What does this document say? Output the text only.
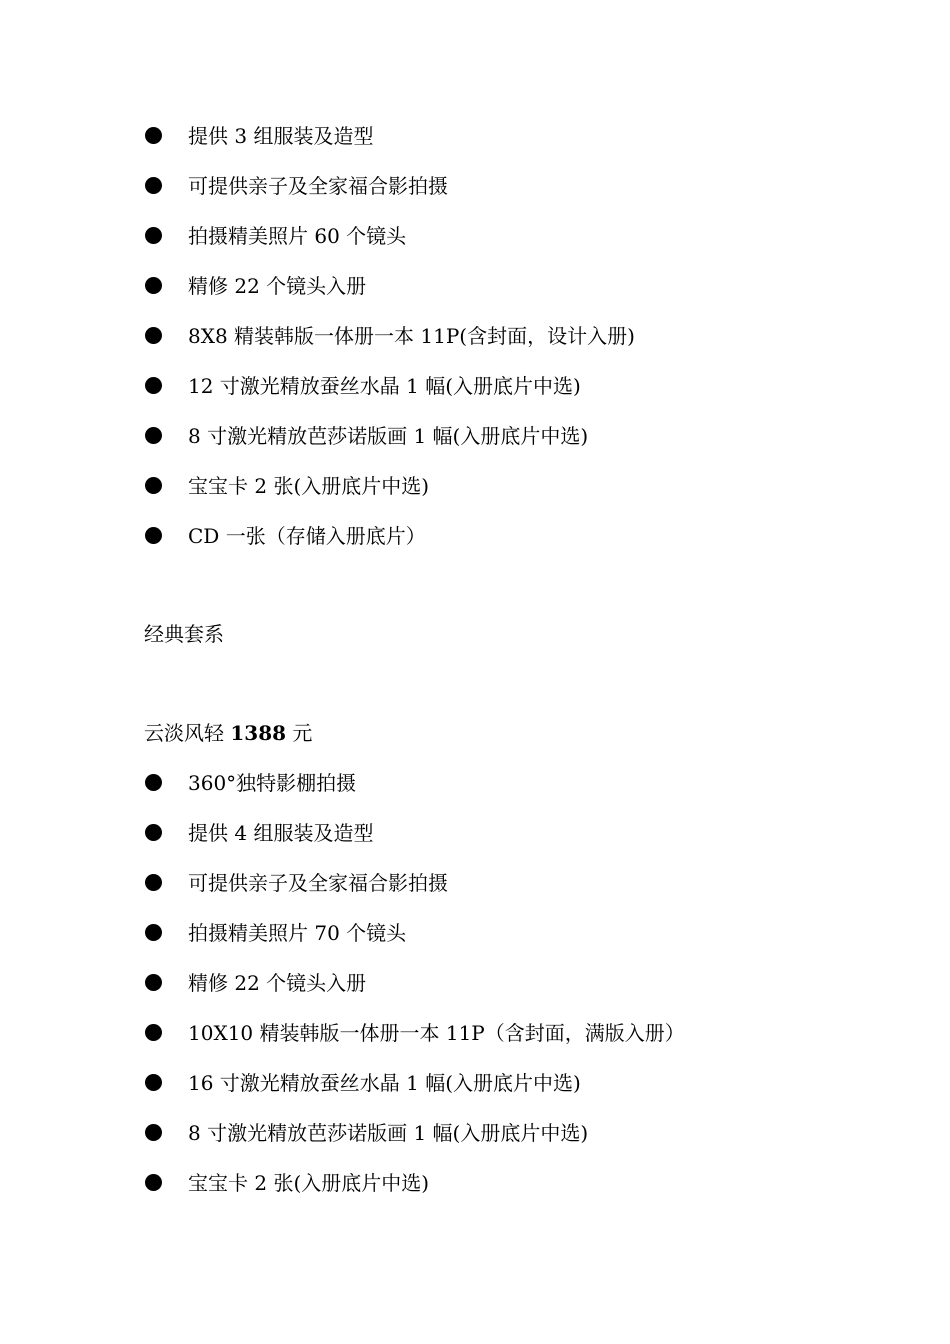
提供 3 组服装及造型
可提供亲子及全家福合影拍摄
拍摄精美照片 60 个镜头
精修 22 个镜头入册
8X8 精装韩版一体册一本 11P(含封面，设计入册)
12 寸激光精放蚕丝水晶 1 幅(入册底片中选)
8 寸激光精放芭莎诺版画 1 幅(入册底片中选)
宝宝卡 2 张(入册底片中选)
CD 一张（存储入册底片）
经典套系
云淡风轻 1388 元
360°独特影棚拍摄
提供 4 组服装及造型
可提供亲子及全家福合影拍摄
拍摄精美照片 70 个镜头
精修 22 个镜头入册
10X10 精装韩版一体册一本 11P（含封面，满版入册）
16 寸激光精放蚕丝水晶 1 幅(入册底片中选)
8 寸激光精放芭莎诺版画 1 幅(入册底片中选)
宝宝卡 2 张(入册底片中选)
